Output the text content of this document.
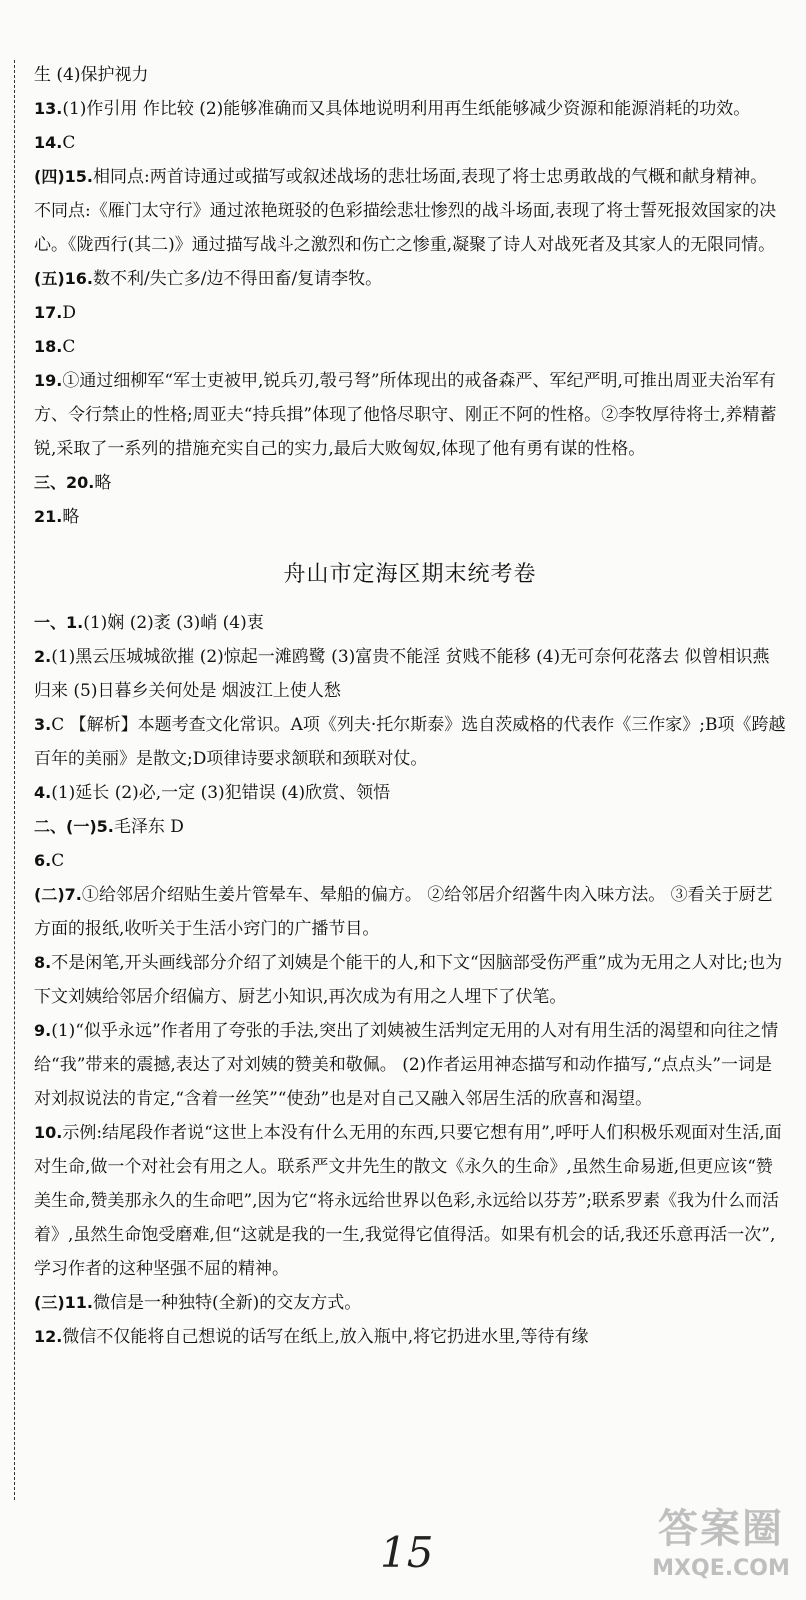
生 (4)保护视力

13.(1)作引用 作比较 (2)能够准确而又具体地说明利用再生纸能够减少资源和能源消耗的功效。

14.C

(四)15.相同点:两首诗通过或描写或叙述战场的悲壮场面,表现了将士忠勇敢战的气概和献身精神。 不同点:《雁门太守行》通过浓艳斑驳的色彩描绘悲壮惨烈的战斗场面,表现了将士誓死报效国家的决心。《陇西行(其二)》通过描写战斗之激烈和伤亡之惨重,凝聚了诗人对战死者及其家人的无限同情。

(五)16.数不利/失亡多/边不得田畜/复请李牧。

17.D

18.C

19.①通过细柳军“军士吏被甲,锐兵刃,彀弓弩”所体现出的戒备森严、军纪严明,可推出周亚夫治军有方、令行禁止的性格;周亚夫“持兵揖”体现了他恪尽职守、刚正不阿的性格。②李牧厚待将士,养精蓄锐,采取了一系列的措施充实自己的实力,最后大败匈奴,体现了他有勇有谋的性格。

三、20.略

21.略

舟山市定海区期末统考卷

一、1.(1)娴 (2)袤 (3)峭 (4)衷

2.(1)黑云压城城欲摧 (2)惊起一滩鸥鹭 (3)富贵不能淫 贫贱不能移 (4)无可奈何花落去 似曾相识燕归来 (5)日暮乡关何处是 烟波江上使人愁

3.C 【解析】本题考查文化常识。A项《列夫·托尔斯泰》选自茨威格的代表作《三作家》;B项《跨越百年的美丽》是散文;D项律诗要求颔联和颈联对仗。

4.(1)延长 (2)必,一定 (3)犯错误 (4)欣赏、领悟

二、(一)5.毛泽东 D

6.C

(二)7.①给邻居介绍贴生姜片管晕车、晕船的偏方。 ②给邻居介绍酱牛肉入味方法。 ③看关于厨艺方面的报纸,收听关于生活小窍门的广播节目。

8.不是闲笔,开头画线部分介绍了刘姨是个能干的人,和下文“因脑部受伤严重”成为无用之人对比;也为下文刘姨给邻居介绍偏方、厨艺小知识,再次成为有用之人埋下了伏笔。

9.(1)“似乎永远”作者用了夸张的手法,突出了刘姨被生活判定无用的人对有用生活的渴望和向往之情给“我”带来的震撼,表达了对刘姨的赞美和敬佩。 (2)作者运用神态描写和动作描写,“点点头”一词是对刘叔说法的肯定,“含着一丝笑”“使劲”也是对自己又融入邻居生活的欣喜和渴望。

10.示例:结尾段作者说“这世上本没有什么无用的东西,只要它想有用”,呼吁人们积极乐观面对生活,面对生命,做一个对社会有用之人。联系严文井先生的散文《永久的生命》,虽然生命易逝,但更应该“赞美生命,赞美那永久的生命吧”,因为它“将永远给世界以色彩,永远给以芬芳”;联系罗素《我为什么而活着》,虽然生命饱受磨难,但“这就是我的一生,我觉得它值得活。如果有机会的话,我还乐意再活一次”,学习作者的这种坚强不屈的精神。

(三)11.微信是一种独特(全新)的交友方式。

12.微信不仅能将自己想说的话写在纸上,放入瓶中,将它扔进水里,等待有缘

15	答案圈
MXQE.COM
